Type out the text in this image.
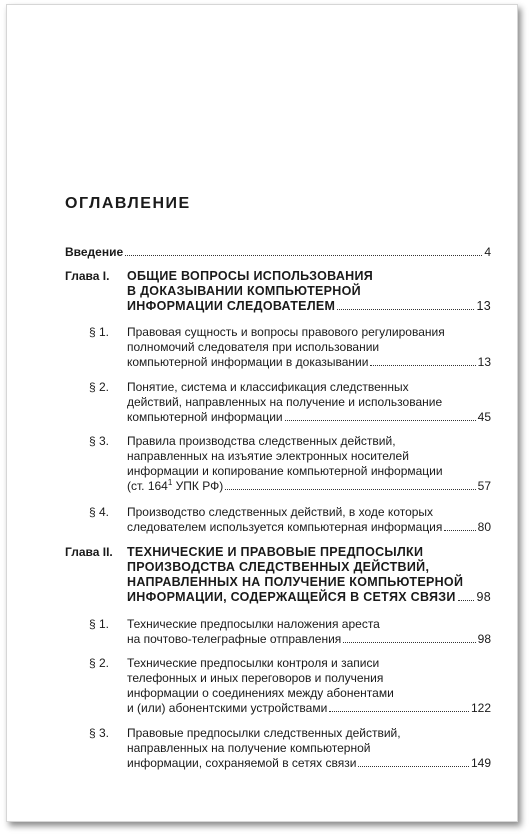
ОГЛАВЛЕНИЕ
Введение	4
Глава I.	ОБЩИЕ ВОПРОСЫ ИСПОЛЬЗОВАНИЯ
В ДОКАЗЫВАНИИ КОМПЬЮТЕРНОЙ
ИНФОРМАЦИИ СЛЕДОВАТЕЛЕМ	13
§ 1.	Правовая сущность и вопросы правового регулирования
полномочий следователя при использовании
компьютерной информации в доказывании	13
§ 2.	Понятие, система и классификация следственных
действий, направленных на получение и использование
компьютерной информации	45
§ 3.	Правила производства следственных действий,
направленных на изъятие электронных носителей
информации и копирование компьютерной информации
(ст. $164^1$ УПК РФ)	57
§ 4.	Производство следственных действий, в ходе которых
следователем используется компьютерная информация	80
Глава II.	ТЕХНИЧЕСКИЕ И ПРАВОВЫЕ ПРЕДПОСЫЛКИ
ПРОИЗВОДСТВА СЛЕДСТВЕННЫХ ДЕЙСТВИЙ,
НАПРАВЛЕННЫХ НА ПОЛУЧЕНИЕ КОМПЬЮТЕРНОЙ
ИНФОРМАЦИИ, СОДЕРЖАЩЕЙСЯ В СЕТЯХ СВЯЗИ 98
§ 1.	Технические предпосылки наложения ареста
на почтово-телеграфные отправления	98
§ 2.	Технические предпосылки контроля и записи
телефонных и иных переговоров и получения
информации о соединениях между абонентами
и (или) абонентскими устройствами	122
§ 3.	Правовые предпосылки следственных действий,
направленных на получение компьютерной
информации, сохраняемой в сетях связи	149
